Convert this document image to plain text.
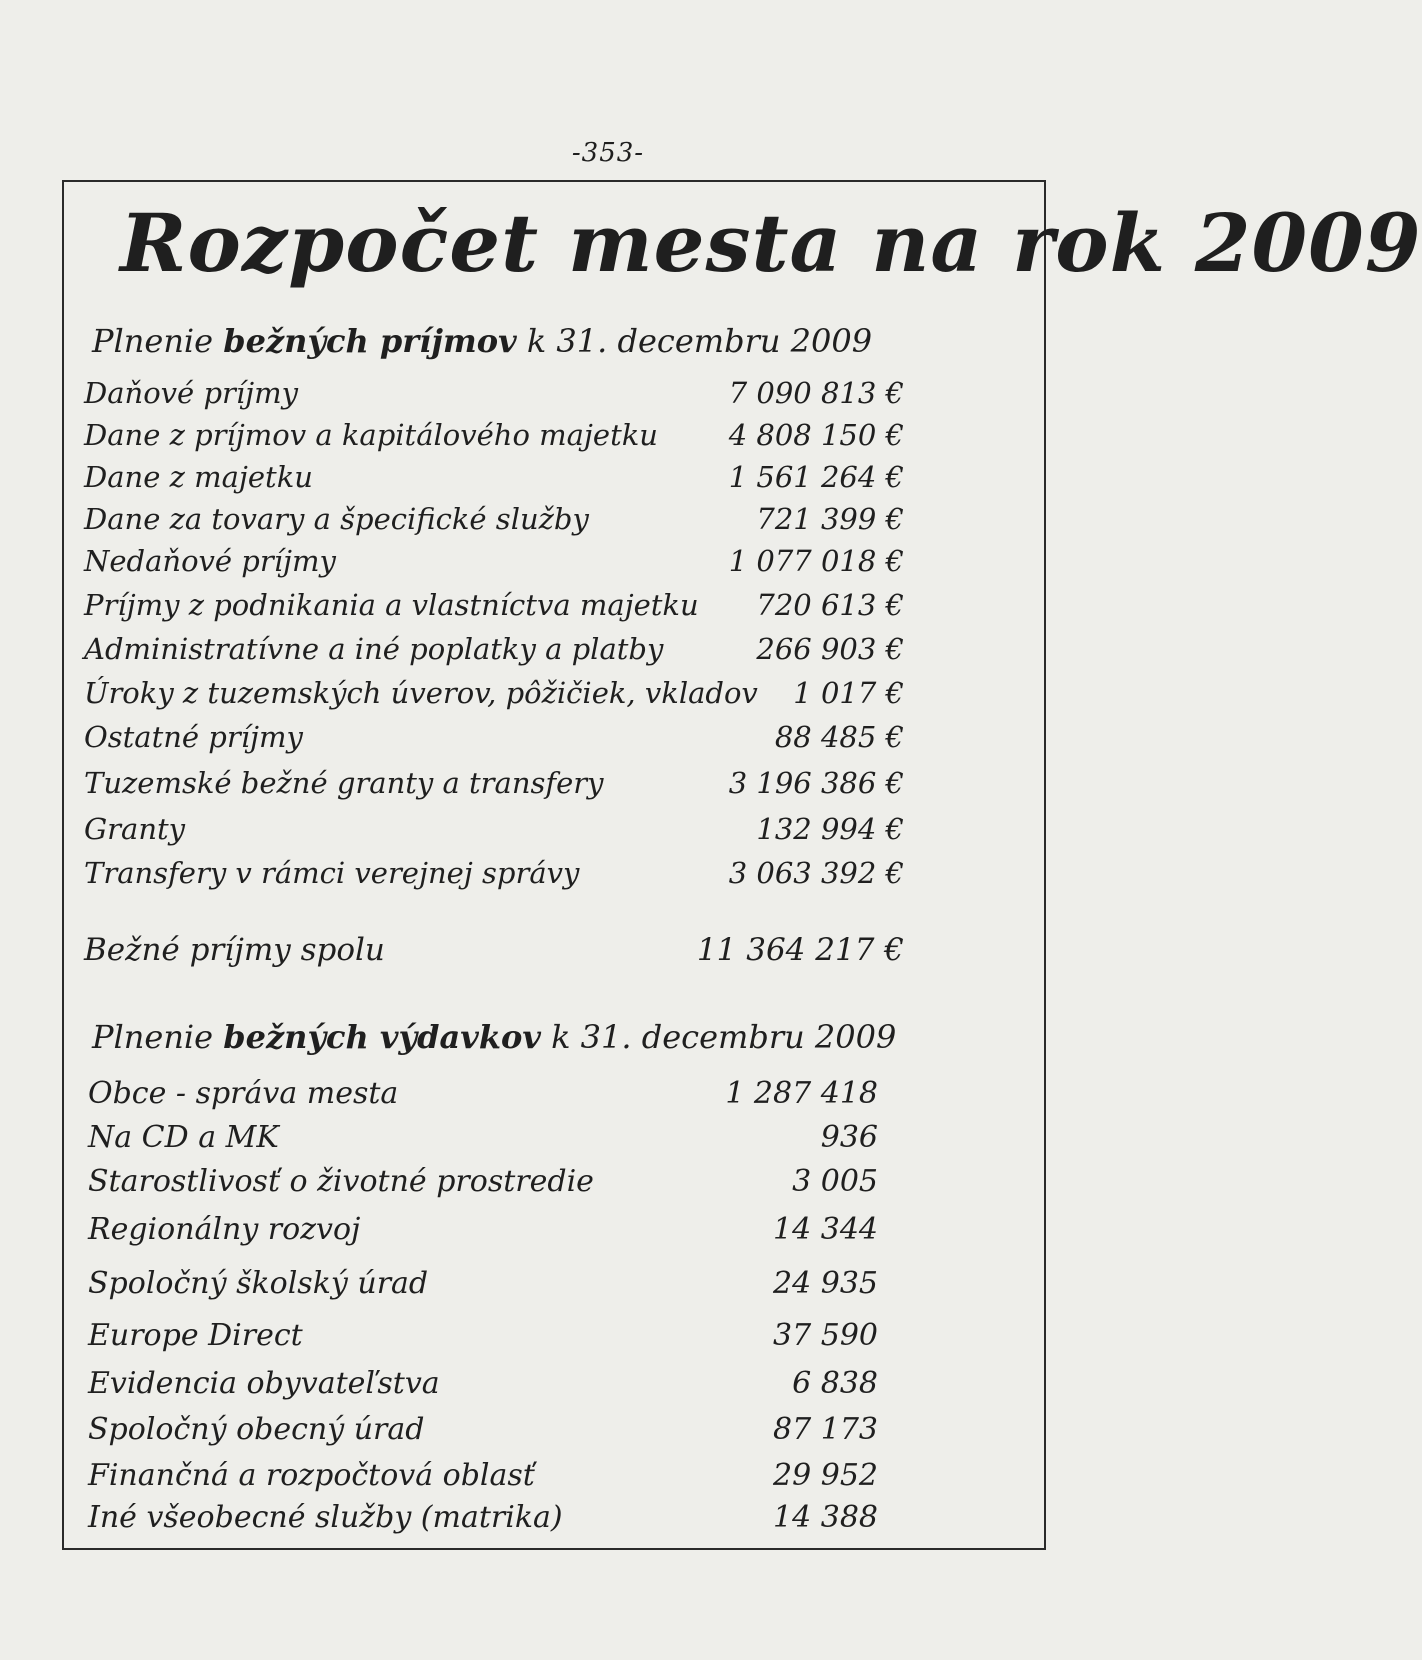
-353-
Rozpočet mesta na rok 2009
Plnenie bežných príjmov k 31. decembru 2009
Daňové príjmy	7 090 813 €
Dane z príjmov a kapitálového majetku 4 808 150 €
Dane z majetku	1 561 264 €
Dane za tovary a špecifické služby	721 399 €
Nedaňové príjmy	1 077 018 €
Príjmy z podnikania a vlastníctva majetku 720 613 €
Administratívne a iné poplatky a platby	266 903 €
Úroky z tuzemských úverov, pôžičiek, vkladov 1 017 €
Ostatné príjmy	88 485 €
Tuzemské bežné granty a transfery	3 196 386 €
Granty	132 994 €
Transfery v rámci verejnej správy	3 063 392 €
Bežné príjmy spolu	11 364 217 €
Plnenie bežných výdavkov k 31. decembru 2009
Obce - správa mesta	1 287 418
Na CD a MK	936
Starostlivosť o životné prostredie	3 005
Regionálny rozvoj	14 344
Spoločný školský úrad	24 935
Europe Direct	37 590
Evidencia obyvateľstva	6 838
Spoločný obecný úrad	87 173
Finančná a rozpočtová oblasť	29 952
Iné všeobecné služby (matrika)	14 388
